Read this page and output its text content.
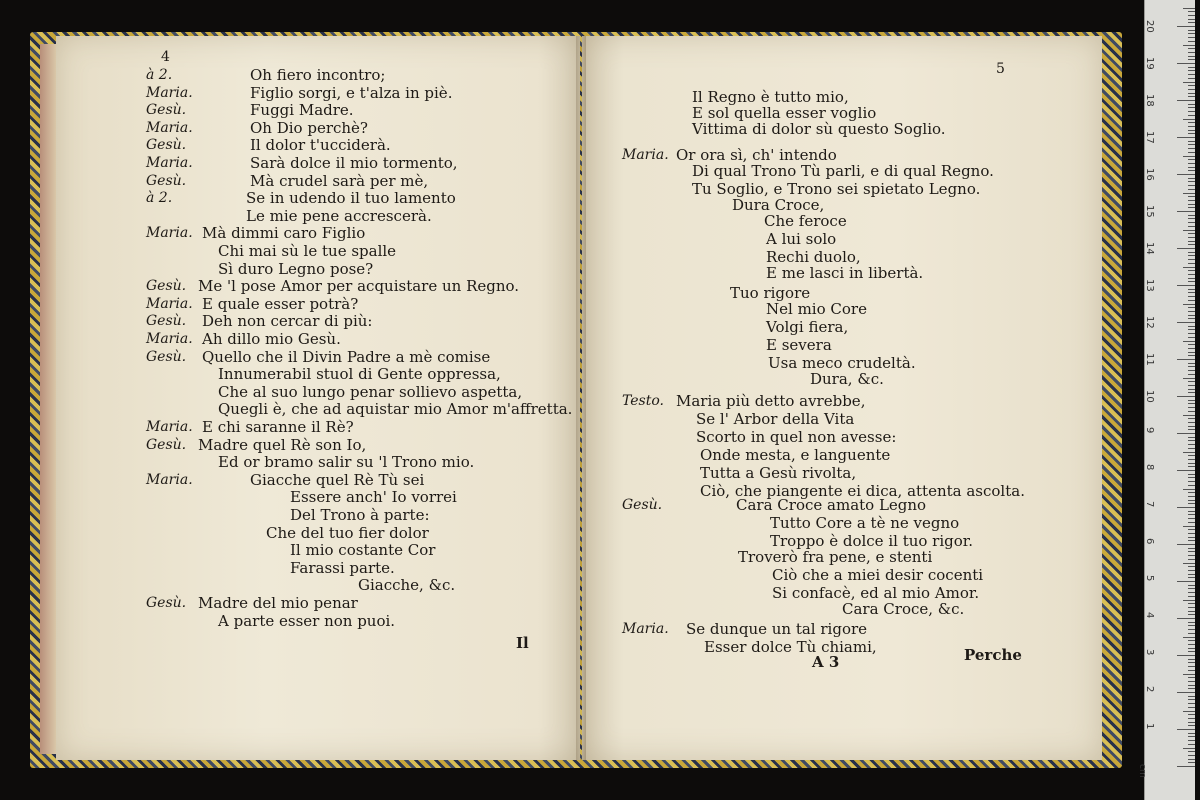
4
5
à 2.	Oh fiero incontro;
Maria.	Figlio sorgi, e t'alza in piè.
Gesù.	Fuggi Madre.
Maria.	Oh Dio perchè?
Gesù.	Il dolor t'ucciderà.
Maria.	Sarà dolce il mio tormento,
Gesù.	Mà crudel sarà per mè,
à 2.	Se in udendo il tuo lamento
Le mie pene accrescerà.
Maria. Mà dimmi caro Figlio
Chi mai sù le tue spalle
Sì duro Legno pose?
Gesù. Me 'l pose Amor per acquistare un Regno.
Maria. E quale esser potrà?
Gesù. Deh non cercar di più:
Maria. Ah dillo mio Gesù.
Gesù. Quello che il Divin Padre a mè comise
Innumerabil stuol di Gente oppressa,
Che al suo lungo penar sollievo aspetta,
Quegli è, che ad aquistar mio Amor m'affretta.
Maria. E chi saranne il Rè?
Gesù. Madre quel Rè son Io,
Ed or bramo salir su 'l Trono mio.
Maria.	Giacche quel Rè Tù sei
Essere anch' Io vorrei
Del Trono à parte:
Che del tuo fier dolor
Il mio costante Cor
Farassi parte.
Giacche, &c.
Gesù. Madre del mio penar
A parte esser non puoi.
Il
Il Regno è tutto mio,
E sol quella esser voglio
Vittima di dolor sù questo Soglio.
Maria. Or ora sì, ch' intendo
Di qual Trono Tù parli, e di qual Regno.
Tu Soglio, e Trono sei spietato Legno.
Dura Croce,
Che feroce
A lui solo
Rechi duolo,
E me lasci in libertà.
Tuo rigore
Nel mio Core
Volgi fiera,
E severa
Usa meco crudeltà.
Dura, &c.
Testo. Maria più detto avrebbe,
Se l' Arbor della Vita
Scorto in quel non avesse:
Onde mesta, e languente
Tutta a Gesù rivolta,
Ciò, che piangente ei dica, attenta ascolta.
Gesù.	Cara Croce amato Legno
Tutto Core a tè ne vegno
Troppo è dolce il tuo rigor.
Troverò fra pene, e stenti
Ciò che a miei desir cocenti
Si confacè, ed al mio Amor.
Cara Croce, &c.
Maria. Se dunque un tal rigore
Esser dolce Tù chiami,
A 3	Perche
1
2
3
4
5
6
7
8
9
10
11
12
13
14
15
16
17
18
19
20
cm
